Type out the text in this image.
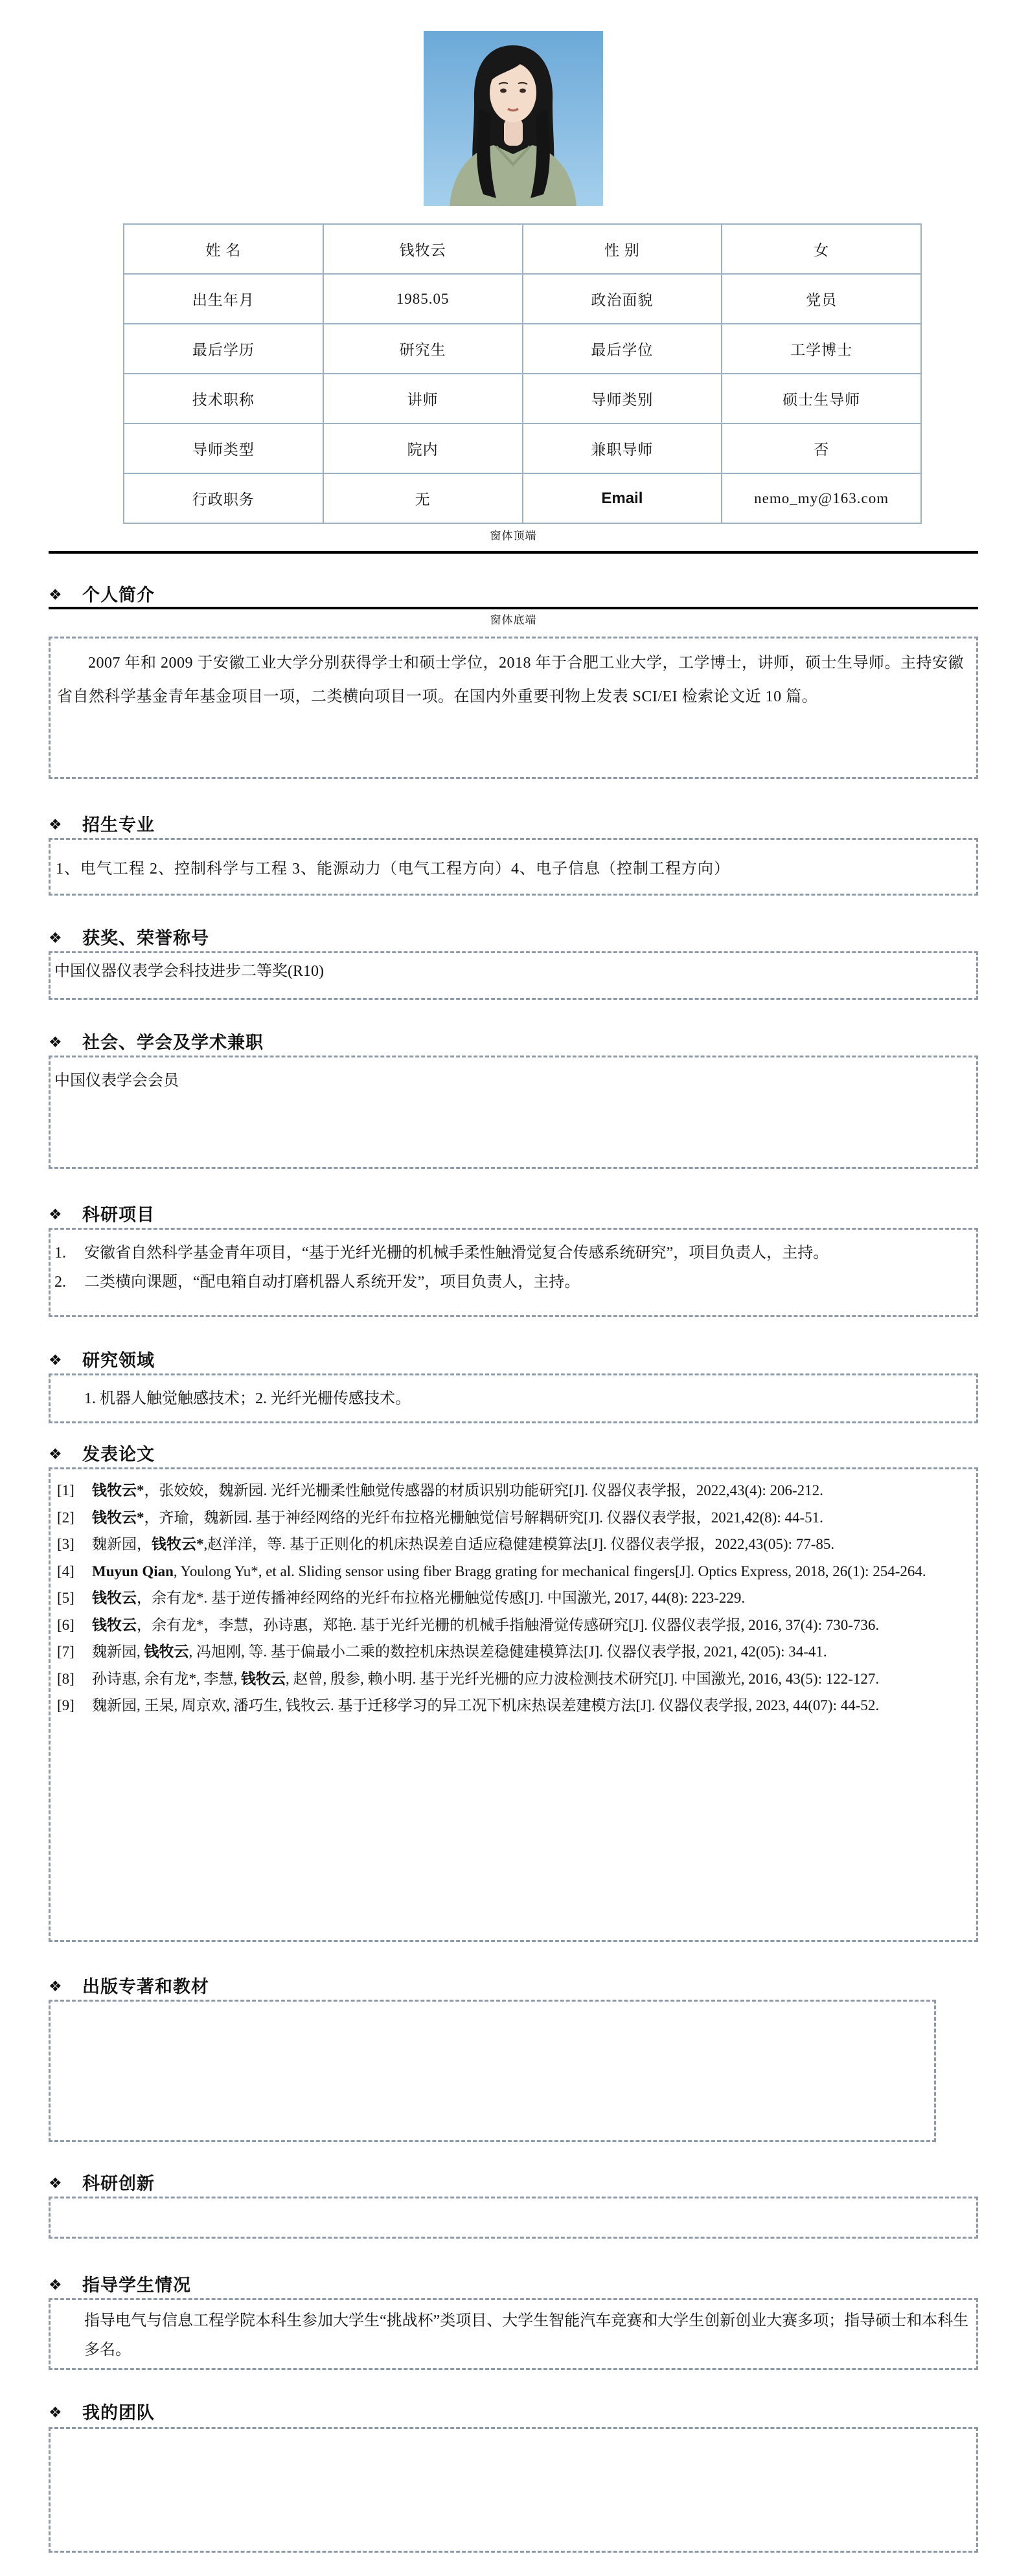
姓 名	钱牧云	性 别	女
出生年月	1985.05	政治面貌	党员
最后学历	研究生	最后学位	工学博士
技术职称	讲师	导师类别	硕士生导师
导师类型	院内	兼职导师	否
行政职务	无	Email	nemo_my@163.com
窗体顶端
❖	个人简介
窗体底端
2007 年和 2009 于安徽工业大学分别获得学士和硕士学位，2018 年于合肥工业大学，工学博士，讲师，硕士生导师。主持安徽省自然科学基金青年基金项目一项，二类横向项目一项。在国内外重要刊物上发表 SCI/EI 检索论文近 10 篇。
❖	招生专业
1、电气工程 2、控制科学与工程 3、能源动力（电气工程方向）4、电子信息（控制工程方向）
❖	获奖、荣誉称号
中国仪器仪表学会科技进步二等奖(R10)
❖	社会、学会及学术兼职
中国仪表学会会员
❖	科研项目
1.	安徽省自然科学基金青年项目，“基于光纤光栅的机械手柔性触滑觉复合传感系统研究”，项目负责人，主持。
2.	二类横向课题，“配电箱自动打磨机器人系统开发”，项目负责人，主持。
❖	研究领域
1. 机器人触觉触感技术；2. 光纤光栅传感技术。
❖	发表论文
[1] 钱牧云*，张姣姣，魏新园. 光纤光栅柔性触觉传感器的材质识别功能研究[J]. 仪器仪表学报，2022,43(4): 206-212.
[2] 钱牧云*，齐瑜，魏新园. 基于神经网络的光纤布拉格光栅触觉信号解耦研究[J]. 仪器仪表学报，2021,42(8): 44-51.
[3] 魏新园，钱牧云*,赵洋洋，等. 基于正则化的机床热误差自适应稳健建模算法[J]. 仪器仪表学报，2022,43(05): 77-85.
[4] Muyun Qian, Youlong Yu*, et al. Sliding sensor using fiber Bragg grating for mechanical fingers[J]. Optics Express, 2018, 26(1): 254-264.
[5] 钱牧云，余有龙*. 基于逆传播神经网络的光纤布拉格光栅触觉传感[J]. 中国激光, 2017, 44(8): 223-229.
[6] 钱牧云，余有龙*，李慧，孙诗惠，郑艳. 基于光纤光栅的机械手指触滑觉传感研究[J]. 仪器仪表学报, 2016, 37(4): 730-736.
[7] 魏新园, 钱牧云, 冯旭刚, 等. 基于偏最小二乘的数控机床热误差稳健建模算法[J]. 仪器仪表学报, 2021, 42(05): 34-41.
[8] 孙诗惠, 余有龙*, 李慧, 钱牧云, 赵曾, 殷参, 赖小明. 基于光纤光栅的应力波检测技术研究[J]. 中国激光, 2016, 43(5): 122-127.
[9] 魏新园, 王杲, 周京欢, 潘巧生, 钱牧云. 基于迁移学习的异工况下机床热误差建模方法[J]. 仪器仪表学报, 2023, 44(07): 44-52.
❖	出版专著和教材
❖	科研创新
❖	指导学生情况
指导电气与信息工程学院本科生参加大学生“挑战杯”类项目、大学生智能汽车竞赛和大学生创新创业大赛多项；指导硕士和本科生多名。
❖	我的团队
